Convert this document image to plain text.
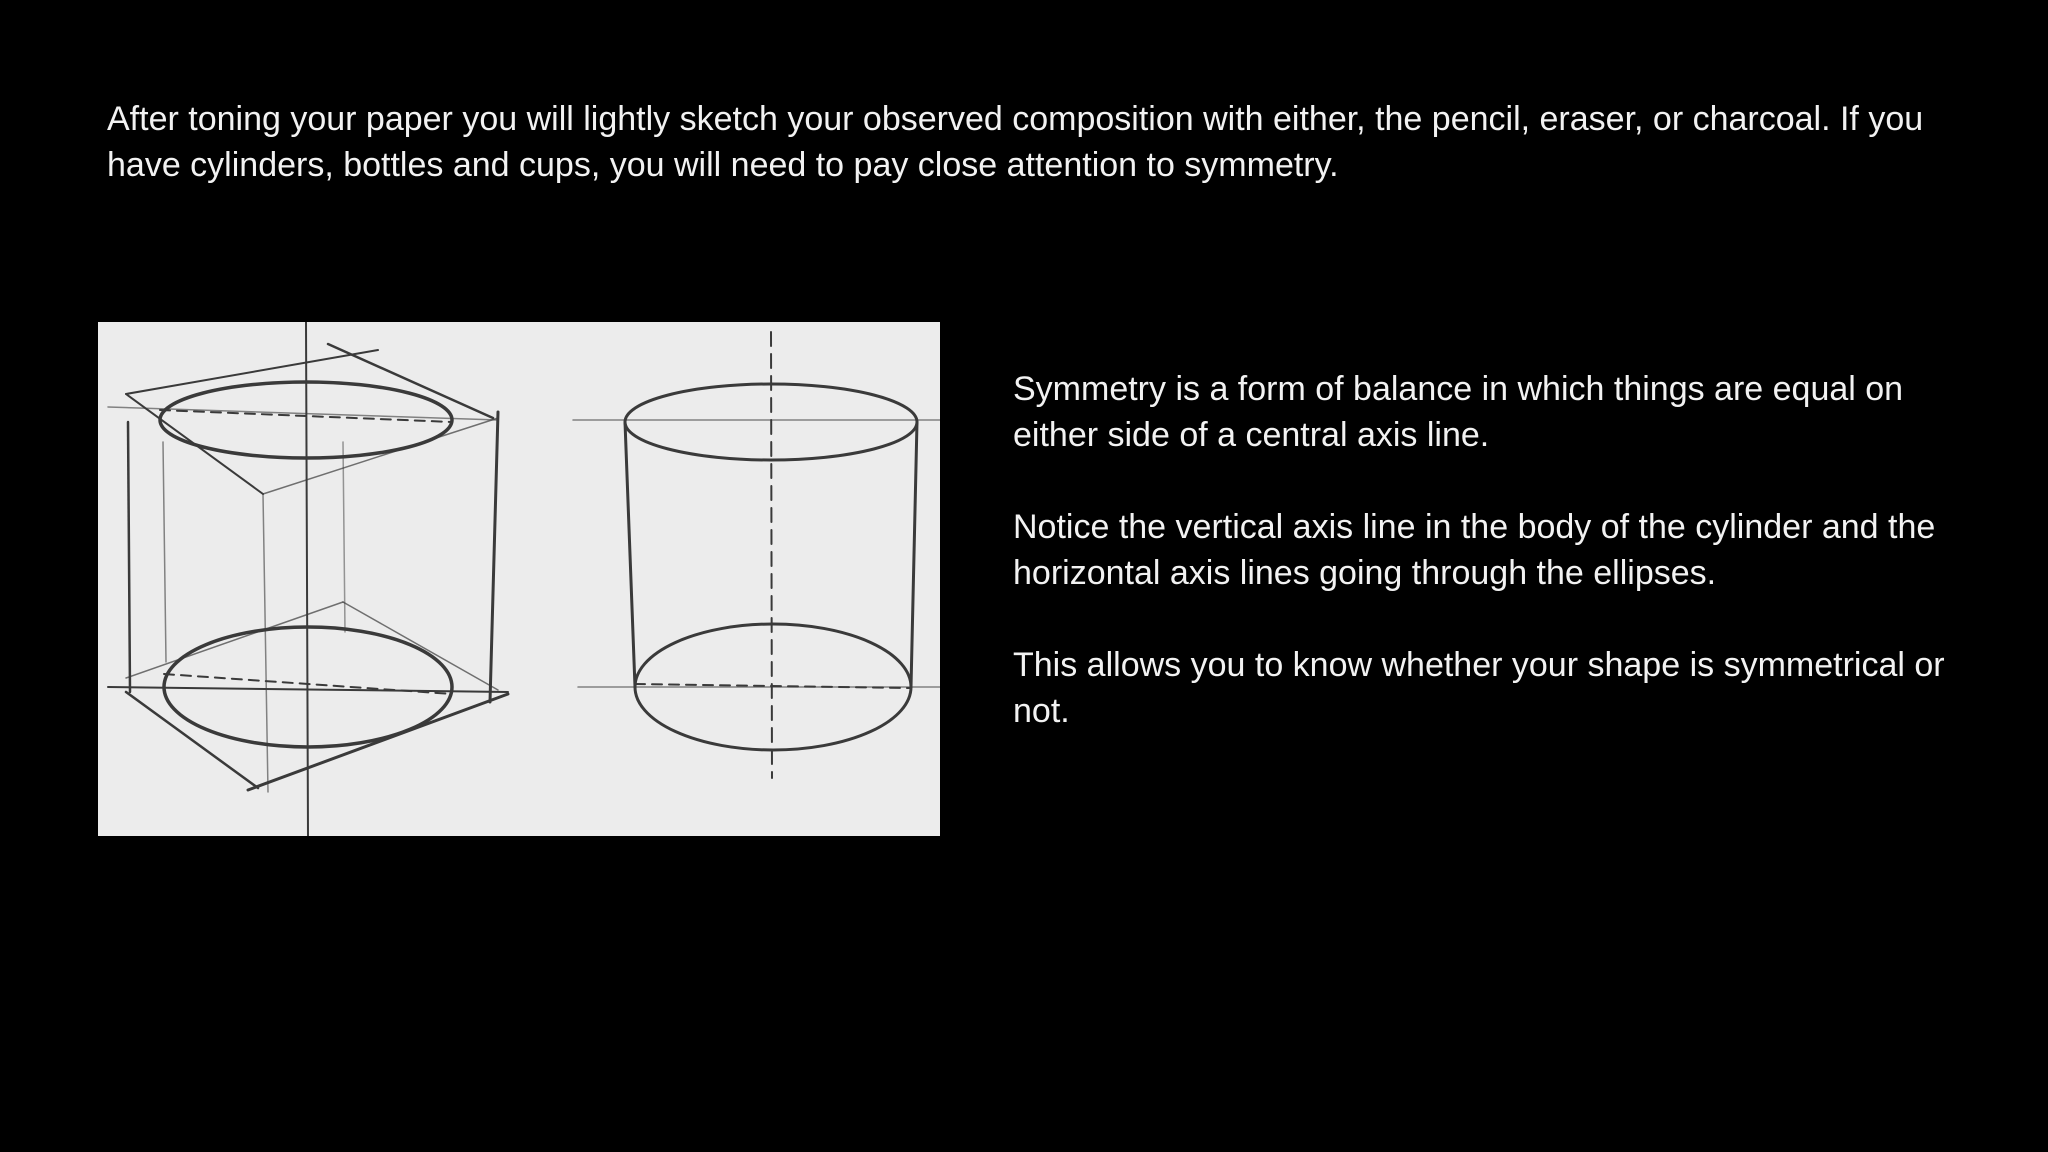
After toning your paper you will lightly sketch your observed composition with either, the pencil, eraser, or charcoal. If you have cylinders, bottles and cups, you will need to pay close attention to symmetry.

Symmetry is a form of balance in which things are equal on either side of a central axis line.

Notice the vertical axis line in the body of the cylinder and the horizontal axis lines going through the ellipses.

This allows you to know whether your shape is symmetrical or not.
